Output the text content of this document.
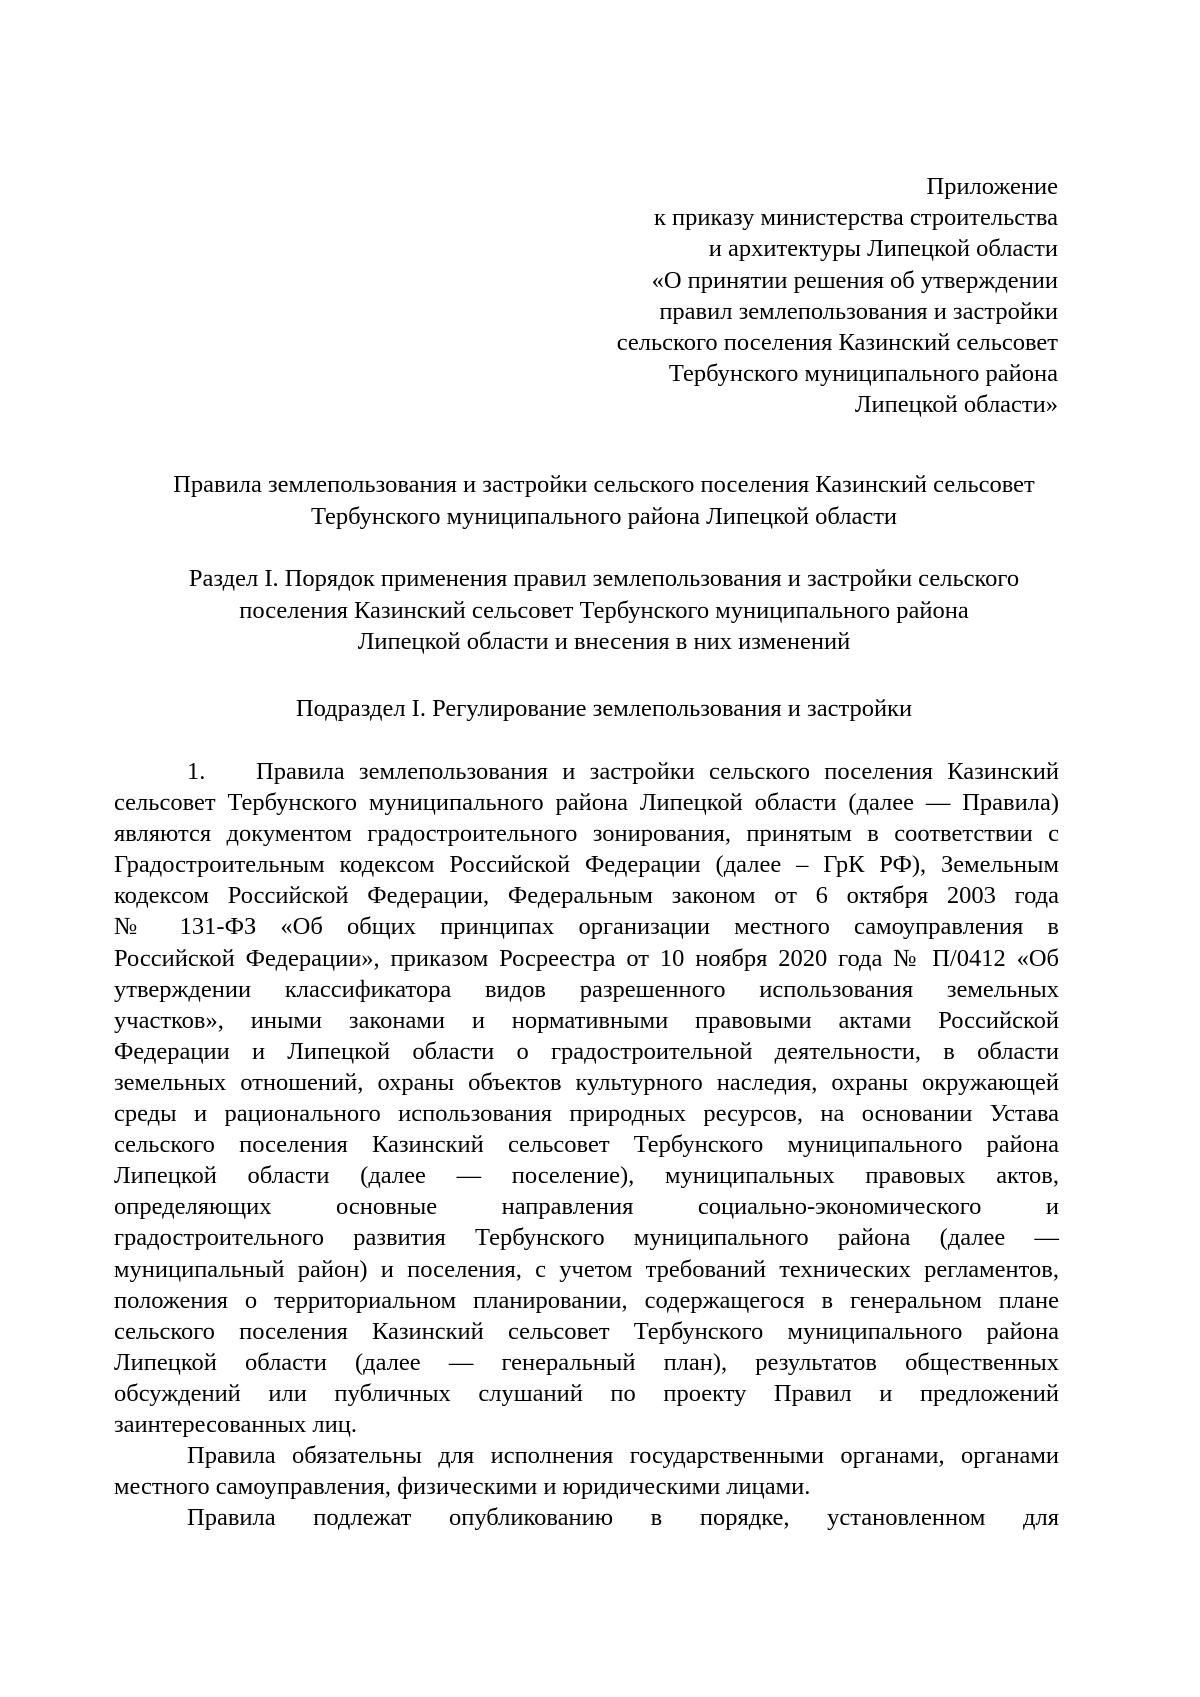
Приложение
к приказу министерства строительства
и архитектуры Липецкой области
«О принятии решения об утверждении
правил землепользования и застройки
сельского поселения Казинский сельсовет
Тербунского муниципального района
Липецкой области»
Правила землепользования и застройки сельского поселения Казинский сельсовет
Тербунского муниципального района Липецкой области
Раздел I. Порядок применения правил землепользования и застройки сельского
поселения Казинский сельсовет Тербунского муниципального района
Липецкой области и внесения в них изменений
Подраздел I. Регулирование землепользования и застройки
1.	Правила землепользования и застройки сельского поселения Казинский
сельсовет Тербунского муниципального района Липецкой области (далее — Правила)
являются документом градостроительного зонирования, принятым в соответствии с
Градостроительным кодексом Российской Федерации (далее – ГрК РФ), Земельным
кодексом Российской Федерации, Федеральным законом от 6 октября 2003 года
№ 131-ФЗ «Об общих принципах организации местного самоуправления в
Российской Федерации», приказом Росреестра от 10 ноября 2020 года № П/0412 «Об
утверждении классификатора видов разрешенного использования земельных
участков», иными законами и нормативными правовыми актами Российской
Федерации и Липецкой области о градостроительной деятельности, в области
земельных отношений, охраны объектов культурного наследия, охраны окружающей
среды и рационального использования природных ресурсов, на основании Устава
сельского поселения Казинский сельсовет Тербунского муниципального района
Липецкой области (далее — поселение), муниципальных правовых актов,
определяющих основные направления социально-экономического и
градостроительного развития Тербунского муниципального района (далее —
муниципальный район) и поселения, с учетом требований технических регламентов,
положения о территориальном планировании, содержащегося в генеральном плане
сельского поселения Казинский сельсовет Тербунского муниципального района
Липецкой области (далее — генеральный план), результатов общественных
обсуждений или публичных слушаний по проекту Правил и предложений
заинтересованных лиц.
Правила обязательны для исполнения государственными органами, органами
местного самоуправления, физическими и юридическими лицами.
Правила подлежат опубликованию в порядке, установленном для
